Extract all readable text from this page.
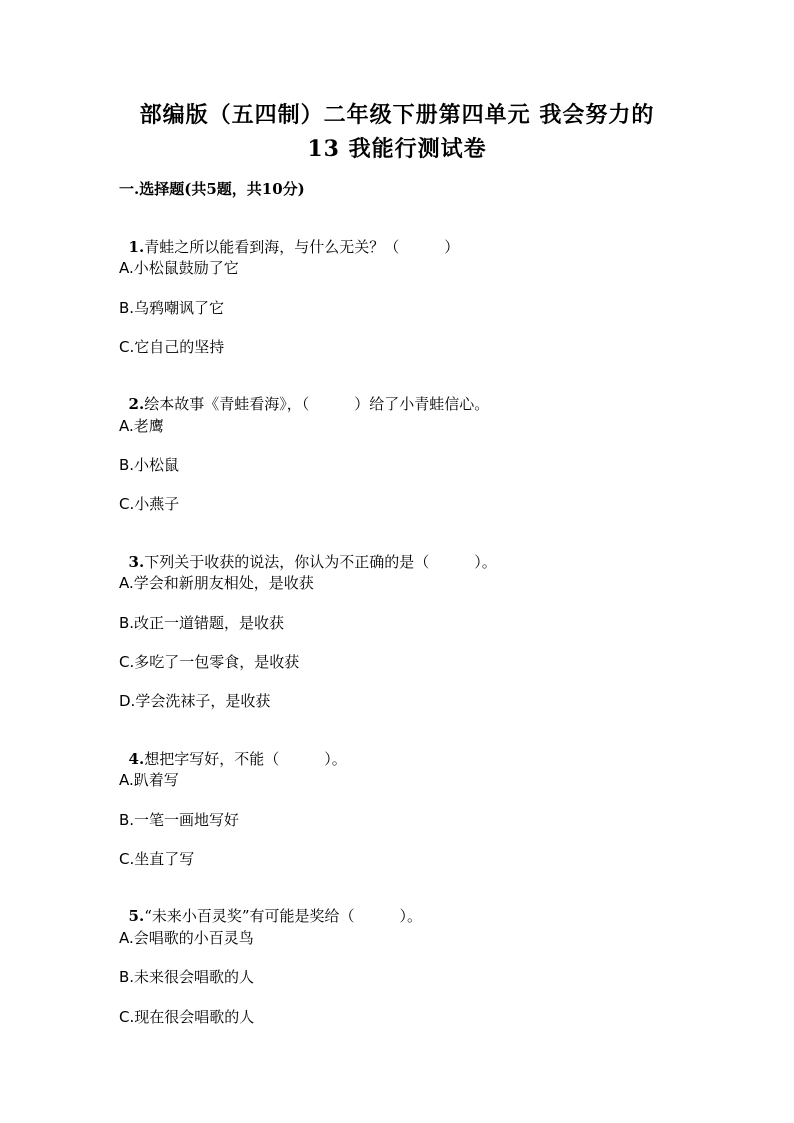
部编版（五四制）二年级下册第四单元 我会努力的
13 我能行测试卷
一.选择题(共5题，共10分)

1.青蛙之所以能看到海，与什么无关？（　　　）

A.小松鼠鼓励了它
B.乌鸦嘲讽了它
C.它自己的坚持

2.绘本故事《青蛙看海》，（　　　）给了小青蛙信心。

A.老鹰
B.小松鼠
C.小燕子

3.下列关于收获的说法，你认为不正确的是（　　　）。

A.学会和新朋友相处，是收获
B.改正一道错题，是收获
C.多吃了一包零食，是收获
D.学会洗袜子，是收获

4.想把字写好，不能（　　　）。

A.趴着写
B.一笔一画地写好
C.坐直了写

5.“未来小百灵奖”有可能是奖给（　　　）。

A.会唱歌的小百灵鸟
B.未来很会唱歌的人
C.现在很会唱歌的人
